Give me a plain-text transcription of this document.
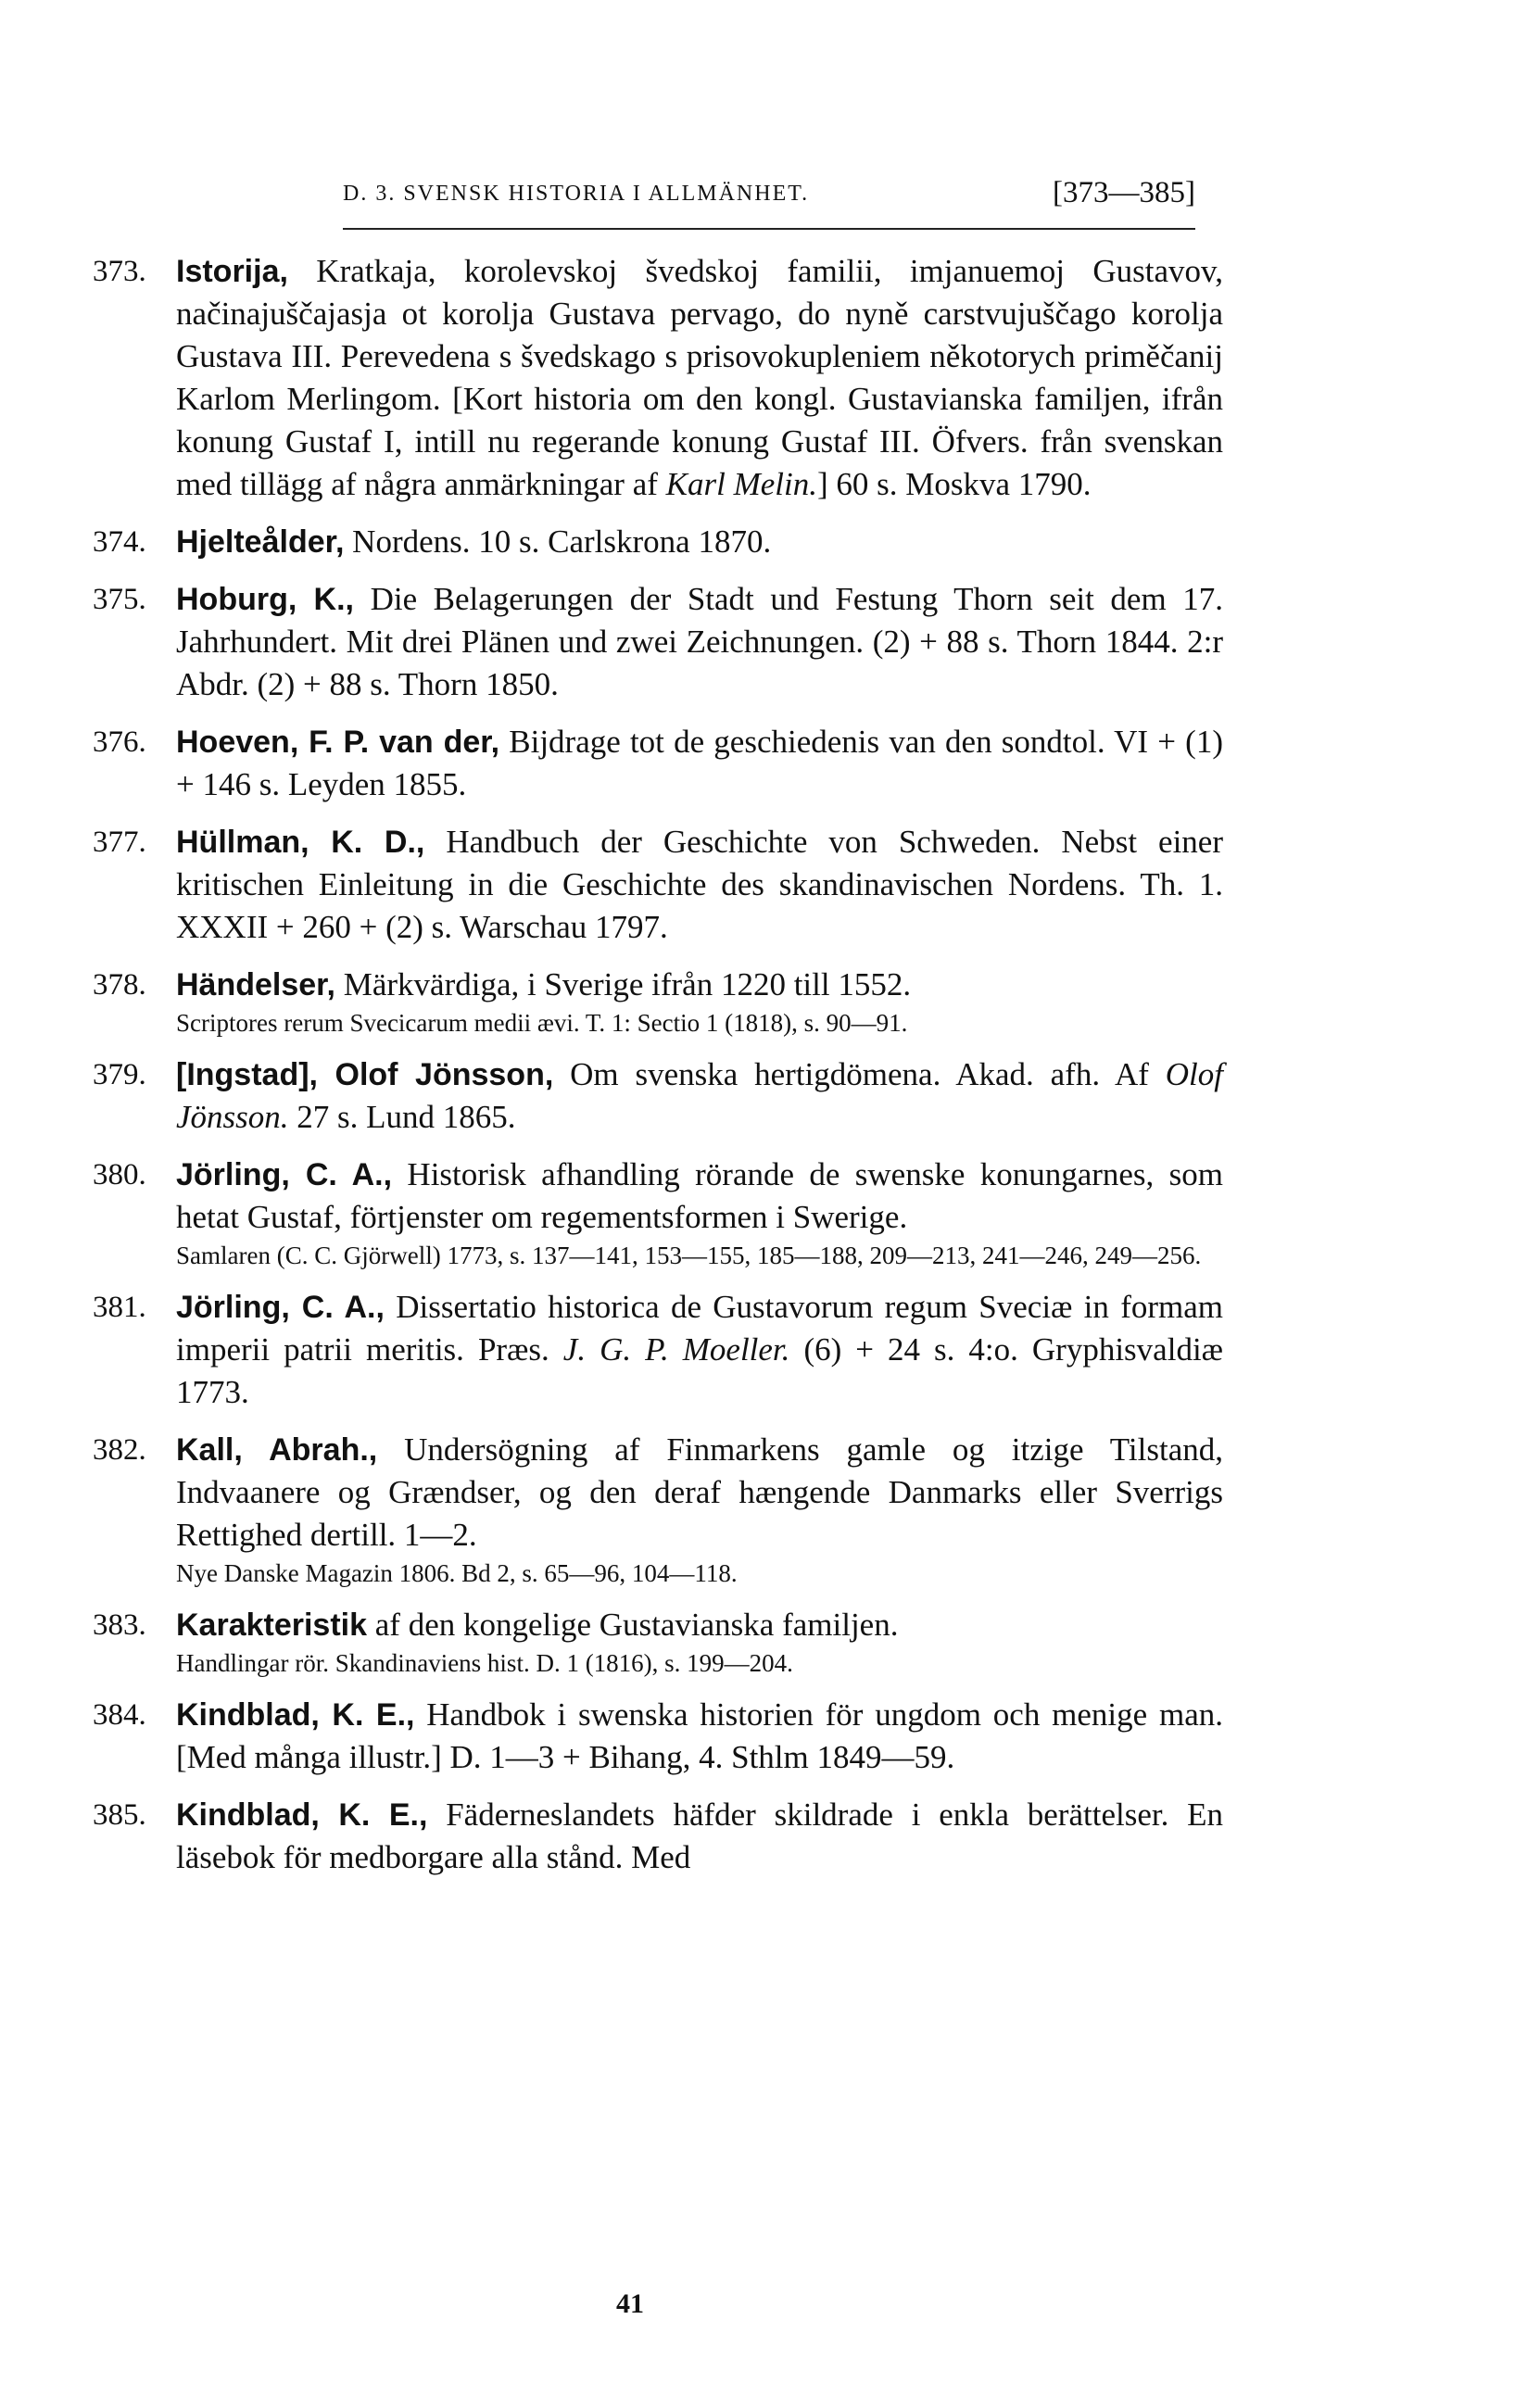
D. 3. SVENSK HISTORIA I ALLMÄNHET.	[373—385]
373. Istorija, Kratkaja, korolevskoj švedskoj familii, imjanuemoj Gustavov, načinajuščajasja ot korolja Gustava pervago, do nyně carstvujuščago korolja Gustava III. Perevedena s švedskago s prisovokupleniem někotorych priměčanij Karlom Merlingom. [Kort historia om den kongl. Gustavianska familjen, ifrån konung Gustaf I, intill nu regerande konung Gustaf III. Öfvers. från svenskan med tillägg af några anmärkningar af Karl Melin.] 60 s. Moskva 1790.
374. Hjelteålder, Nordens. 10 s. Carlskrona 1870.
375. Hoburg, K., Die Belagerungen der Stadt und Festung Thorn seit dem 17. Jahrhundert. Mit drei Plänen und zwei Zeichnungen. (2) + 88 s. Thorn 1844. 2:r Abdr. (2) + 88 s. Thorn 1850.
376. Hoeven, F. P. van der, Bijdrage tot de geschiedenis van den sondtol. VI + (1) + 146 s. Leyden 1855.
377. Hüllman, K. D., Handbuch der Geschichte von Schweden. Nebst einer kritischen Einleitung in die Geschichte des skandinavischen Nordens. Th. 1. XXXII + 260 + (2) s. Warschau 1797.
378. Händelser, Märkvärdiga, i Sverige ifrån 1220 till 1552.
Scriptores rerum Svecicarum medii ævi. T. 1: Sectio 1 (1818), s. 90—91.
379. [Ingstad], Olof Jönsson, Om svenska hertigdömena. Akad. afh. Af Olof Jönsson. 27 s. Lund 1865.
380. Jörling, C. A., Historisk afhandling rörande de swenske konungarnes, som hetat Gustaf, förtjenster om regementsformen i Swerige.
Samlaren (C. C. Gjörwell) 1773, s. 137—141, 153—155, 185—188, 209—213, 241—246, 249—256.
381. Jörling, C. A., Dissertatio historica de Gustavorum regum Sveciæ in formam imperii patrii meritis. Præs. J. G. P. Moeller. (6) + 24 s. 4:o. Gryphisvaldiæ 1773.
382. Kall, Abrah., Undersögning af Finmarkens gamle og itzige Tilstand, Indvaanere og Grændser, og den deraf hængende Danmarks eller Sverrigs Rettighed dertill. 1—2.
Nye Danske Magazin 1806. Bd 2, s. 65—96, 104—118.
383. Karakteristik af den kongelige Gustavianska familjen.
Handlingar rör. Skandinaviens hist. D. 1 (1816), s. 199—204.
384. Kindblad, K. E., Handbok i swenska historien för ungdom och menige man. [Med många illustr.] D. 1—3 + Bihang, 4. Sthlm 1849—59.
385. Kindblad, K. E., Fäderneslandets häfder skildrade i enkla berättelser. En läsebok för medborgare alla stånd. Med
41
